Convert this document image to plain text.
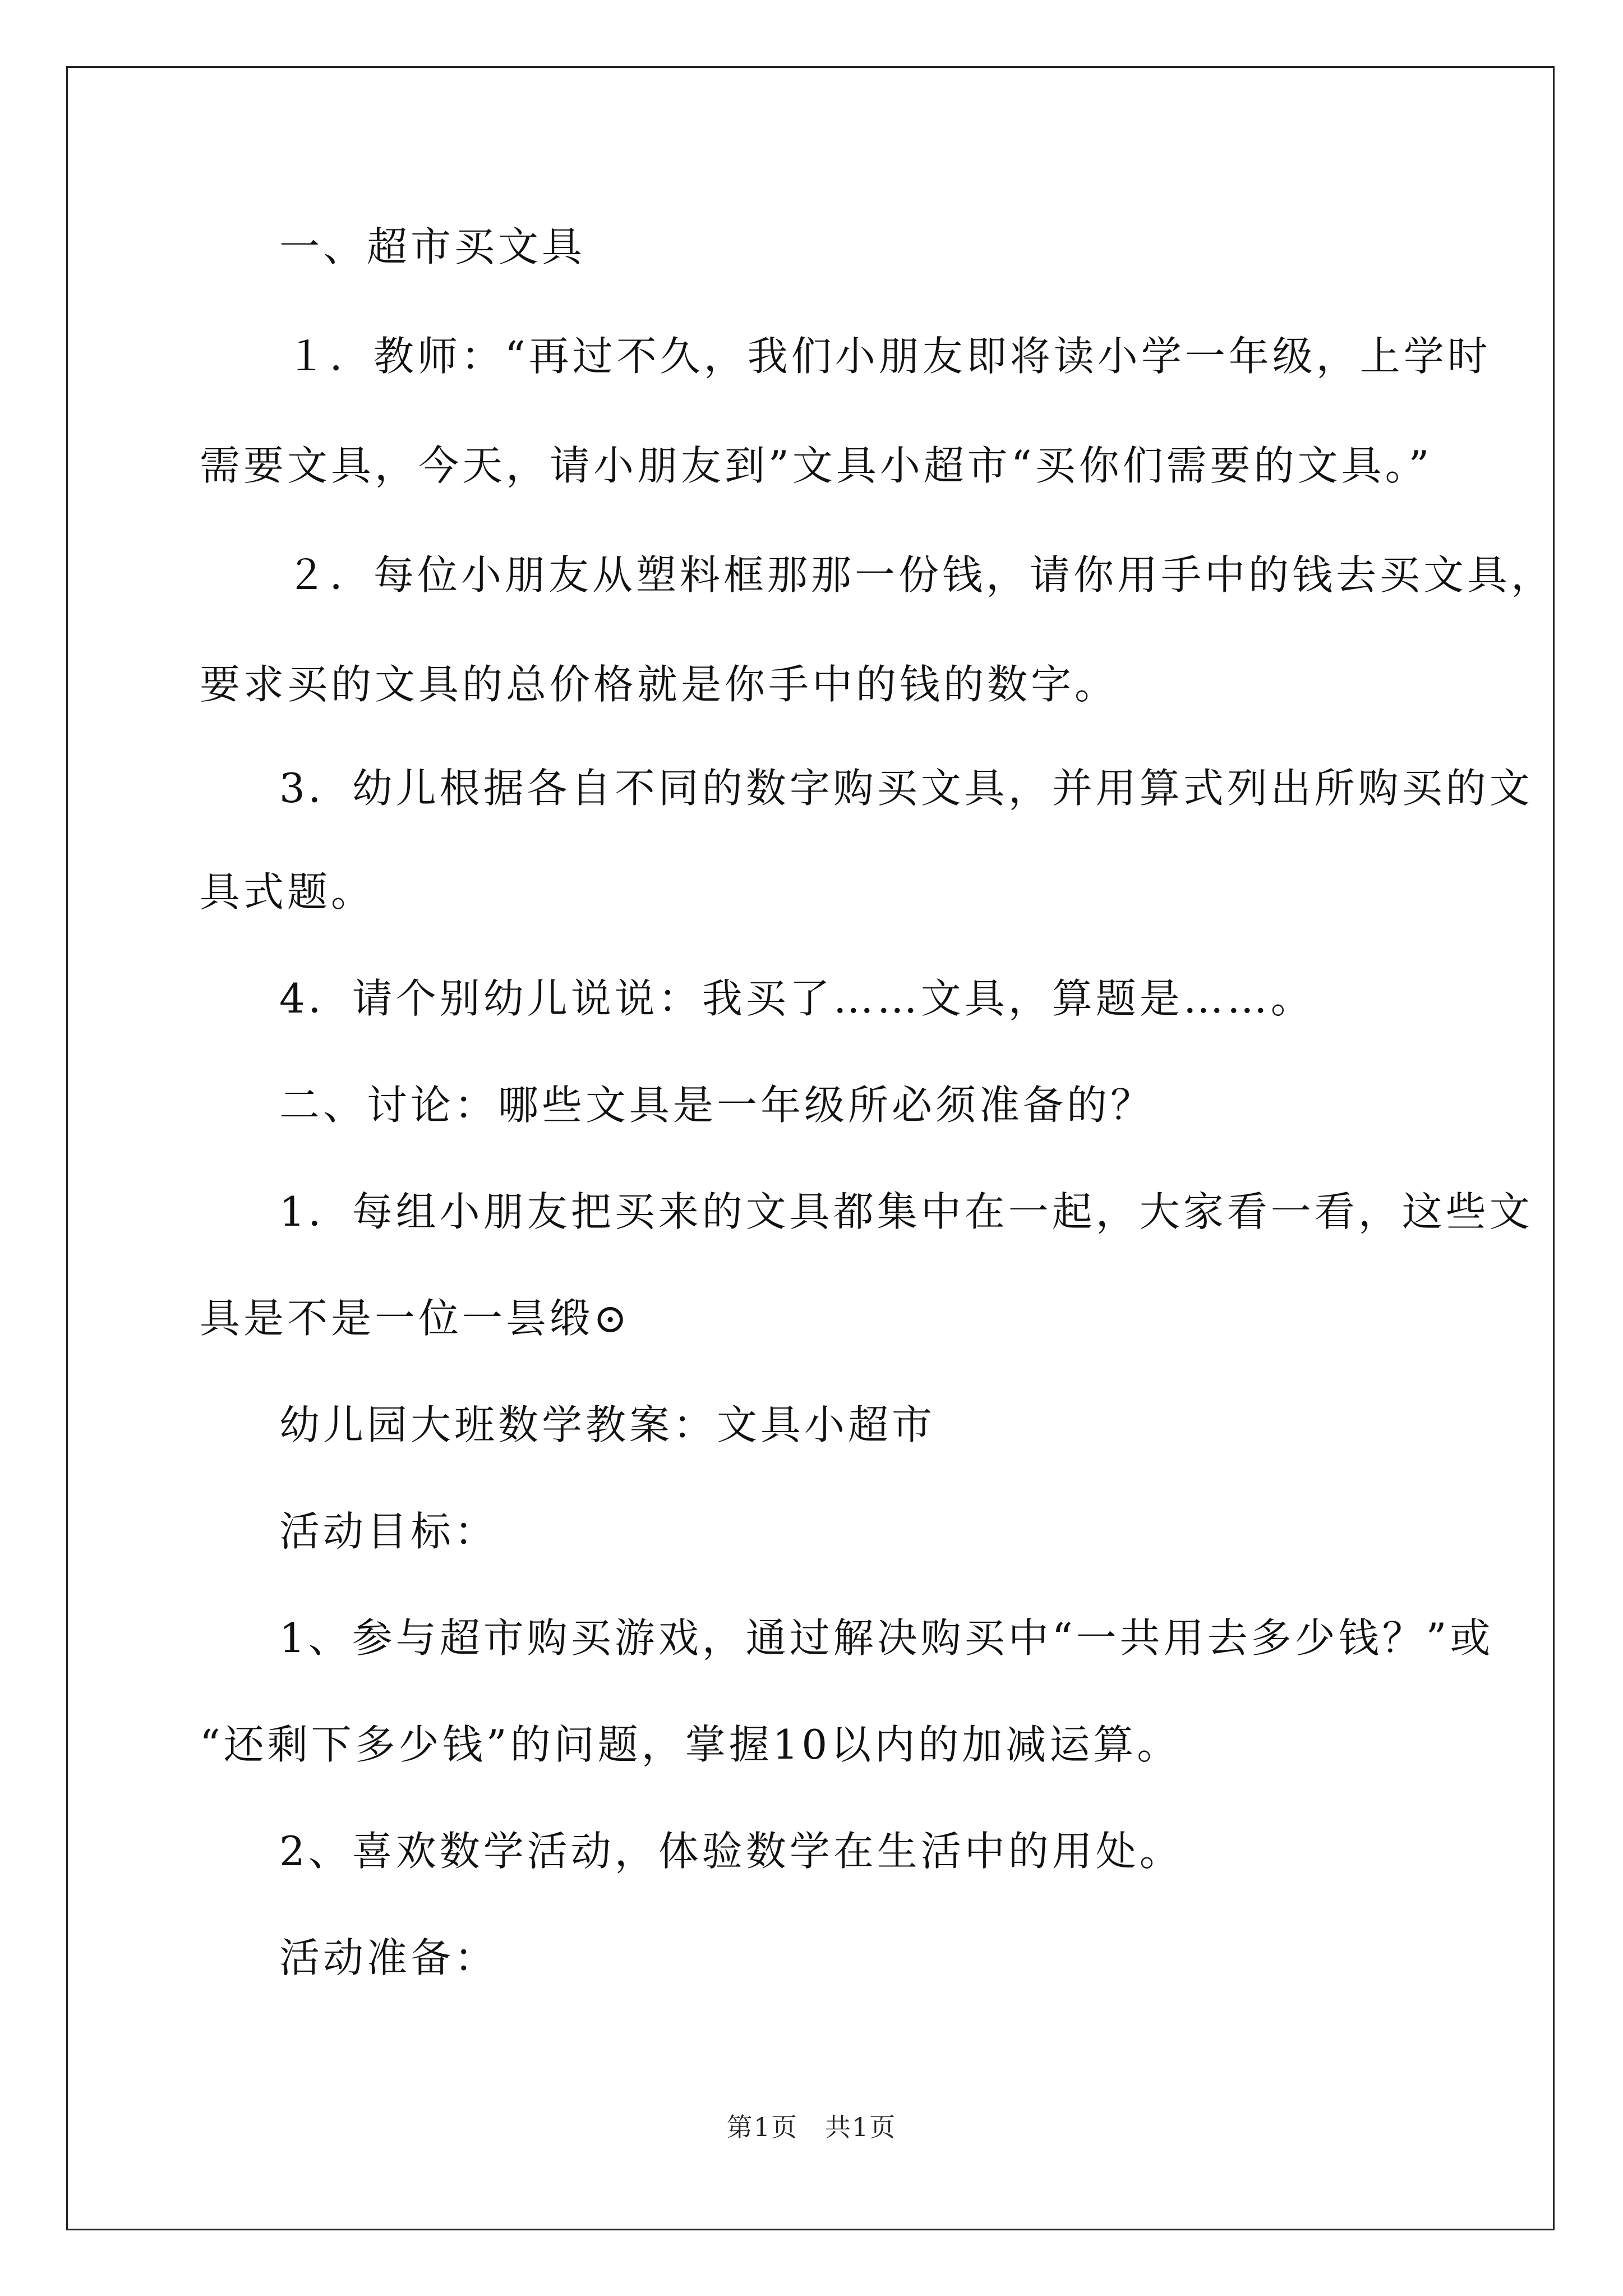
一、超市买文具
１．教师：“再过不久，我们小朋友即将读小学一年级，上学时
需要文具，今天，请小朋友到”文具小超市“买你们需要的文具。”
２．每位小朋友从塑料框那那一份钱，请你用手中的钱去买文具，
要求买的文具的总价格就是你手中的钱的数字。
3．幼儿根据各自不同的数字购买文具，并用算式列出所购买的文
具式题。
4．请个别幼儿说说：我买了……文具，算题是……。
二、讨论：哪些文具是一年级所必须准备的？
1．每组小朋友把买来的文具都集中在一起，大家看一看，这些文
具是不是一位一昙缎⊙
幼儿园大班数学教案：文具小超市
活动目标：
1、参与超市购买游戏，通过解决购买中“一共用去多少钱？”或
“还剩下多少钱”的问题，掌握10以内的加减运算。
2、喜欢数学活动，体验数学在生活中的用处。
活动准备：
第1页　共1页
